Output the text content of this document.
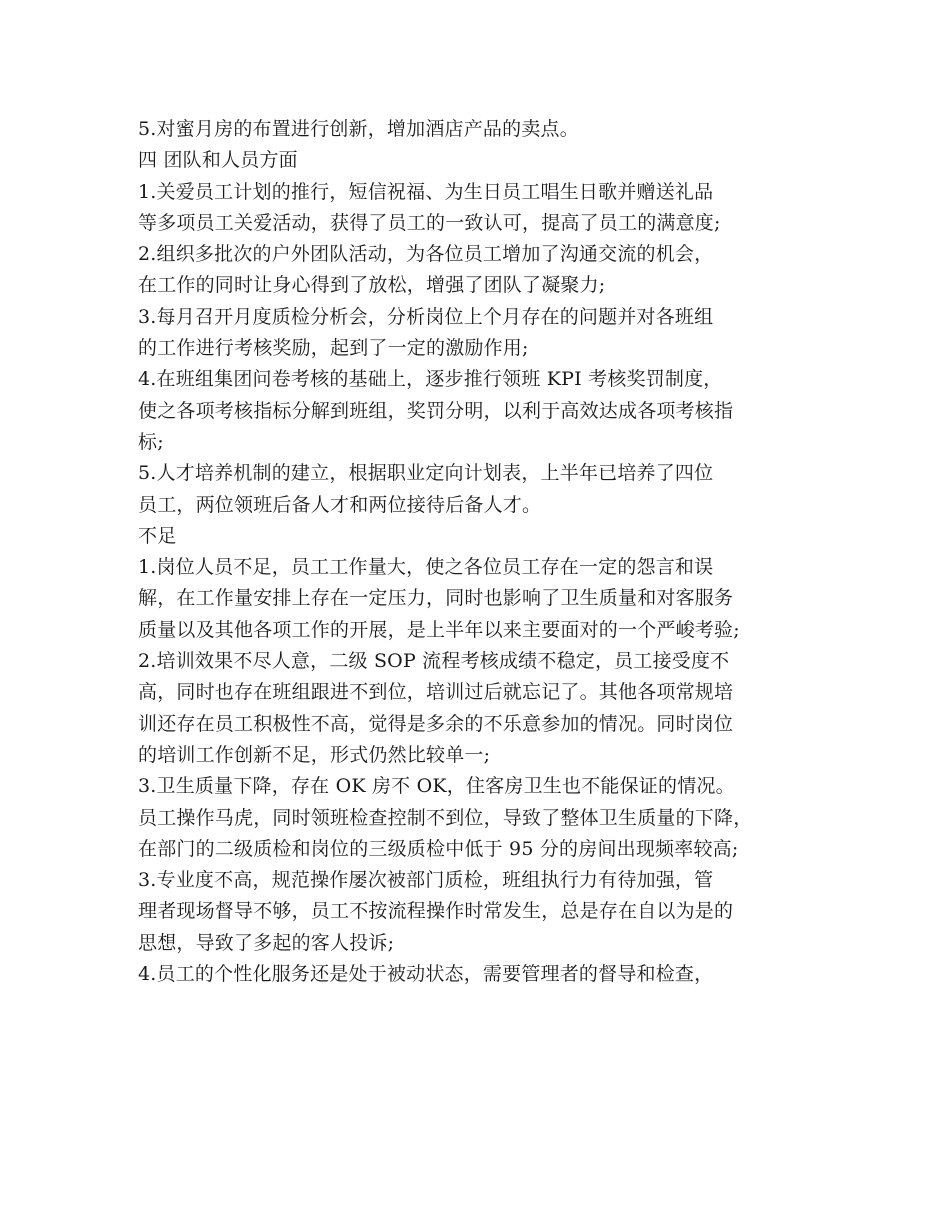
5.对蜜月房的布置进行创新，增加酒店产品的卖点。
四 团队和人员方面
1.关爱员工计划的推行，短信祝福、为生日员工唱生日歌并赠送礼品
等多项员工关爱活动，获得了员工的一致认可，提高了员工的满意度;
2.组织多批次的户外团队活动，为各位员工增加了沟通交流的机会，
在工作的同时让身心得到了放松，增强了团队了凝聚力;
3.每月召开月度质检分析会，分析岗位上个月存在的问题并对各班组
的工作进行考核奖励，起到了一定的激励作用;
4.在班组集团问卷考核的基础上，逐步推行领班 KPI 考核奖罚制度，
使之各项考核指标分解到班组，奖罚分明，以利于高效达成各项考核指
标;
5.人才培养机制的建立，根据职业定向计划表，上半年已培养了四位
员工，两位领班后备人才和两位接待后备人才。
不足
1.岗位人员不足，员工工作量大，使之各位员工存在一定的怨言和误
解，在工作量安排上存在一定压力，同时也影响了卫生质量和对客服务
质量以及其他各项工作的开展，是上半年以来主要面对的一个严峻考验;
2.培训效果不尽人意，二级 SOP 流程考核成绩不稳定，员工接受度不
高，同时也存在班组跟进不到位，培训过后就忘记了。其他各项常规培
训还存在员工积极性不高，觉得是多余的不乐意参加的情况。同时岗位
的培训工作创新不足，形式仍然比较单一;
3.卫生质量下降，存在 OK 房不 OK，住客房卫生也不能保证的情况。
员工操作马虎，同时领班检查控制不到位，导致了整体卫生质量的下降，
在部门的二级质检和岗位的三级质检中低于 95 分的房间出现频率较高;
3.专业度不高，规范操作屡次被部门质检，班组执行力有待加强，管
理者现场督导不够，员工不按流程操作时常发生，总是存在自以为是的
思想，导致了多起的客人投诉;
4.员工的个性化服务还是处于被动状态，需要管理者的督导和检查，
